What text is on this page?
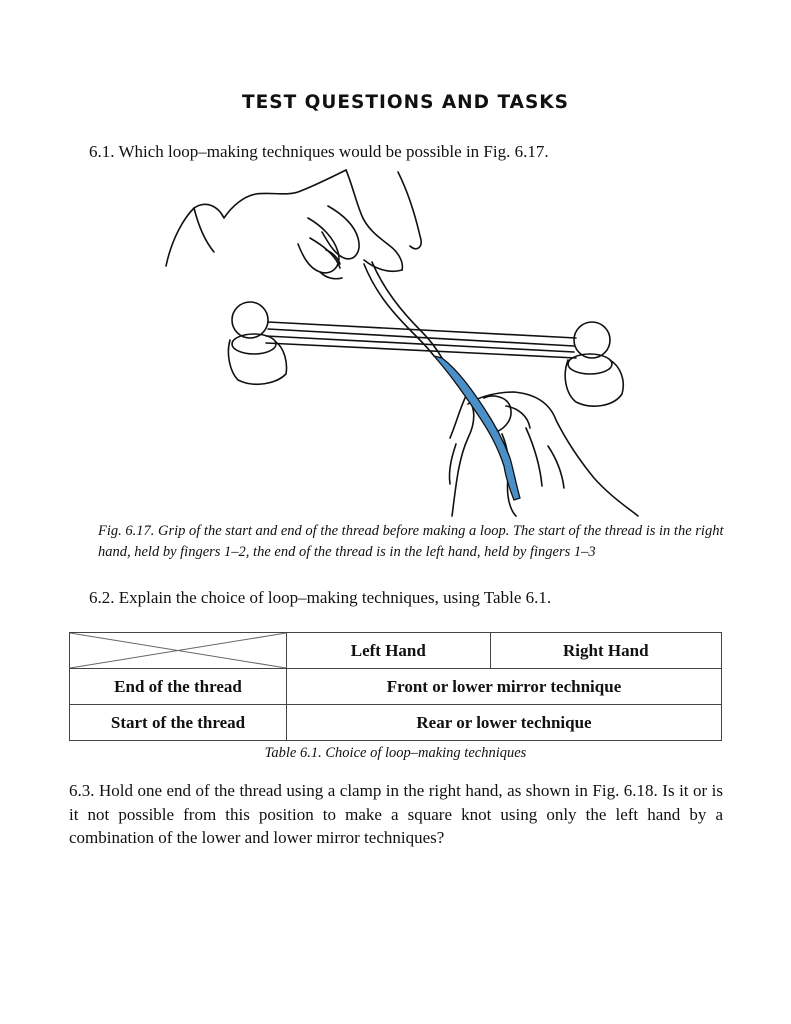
TEST QUESTIONS AND TASKS
6.1. Which loop–making techniques would be possible in Fig. 6.17.
Fig. 6.17. Grip of the start and end of the thread before making a loop. The start of the thread is in the right hand, held by fingers 1–2, the end of the thread is in the left hand, held by fingers 1–3
6.2. Explain the choice of loop–making techniques, using Table 6.1.
	Left Hand	Right Hand
End of the thread	Front or lower mirror technique	
Start of the thread	Rear or lower technique	
Table 6.1. Choice of loop–making techniques
6.3. Hold one end of the thread using a clamp in the right hand, as shown in Fig. 6.18. Is it or is it not possible from this position to make a square knot using only the left hand by a combination of the lower and lower mirror techniques?
